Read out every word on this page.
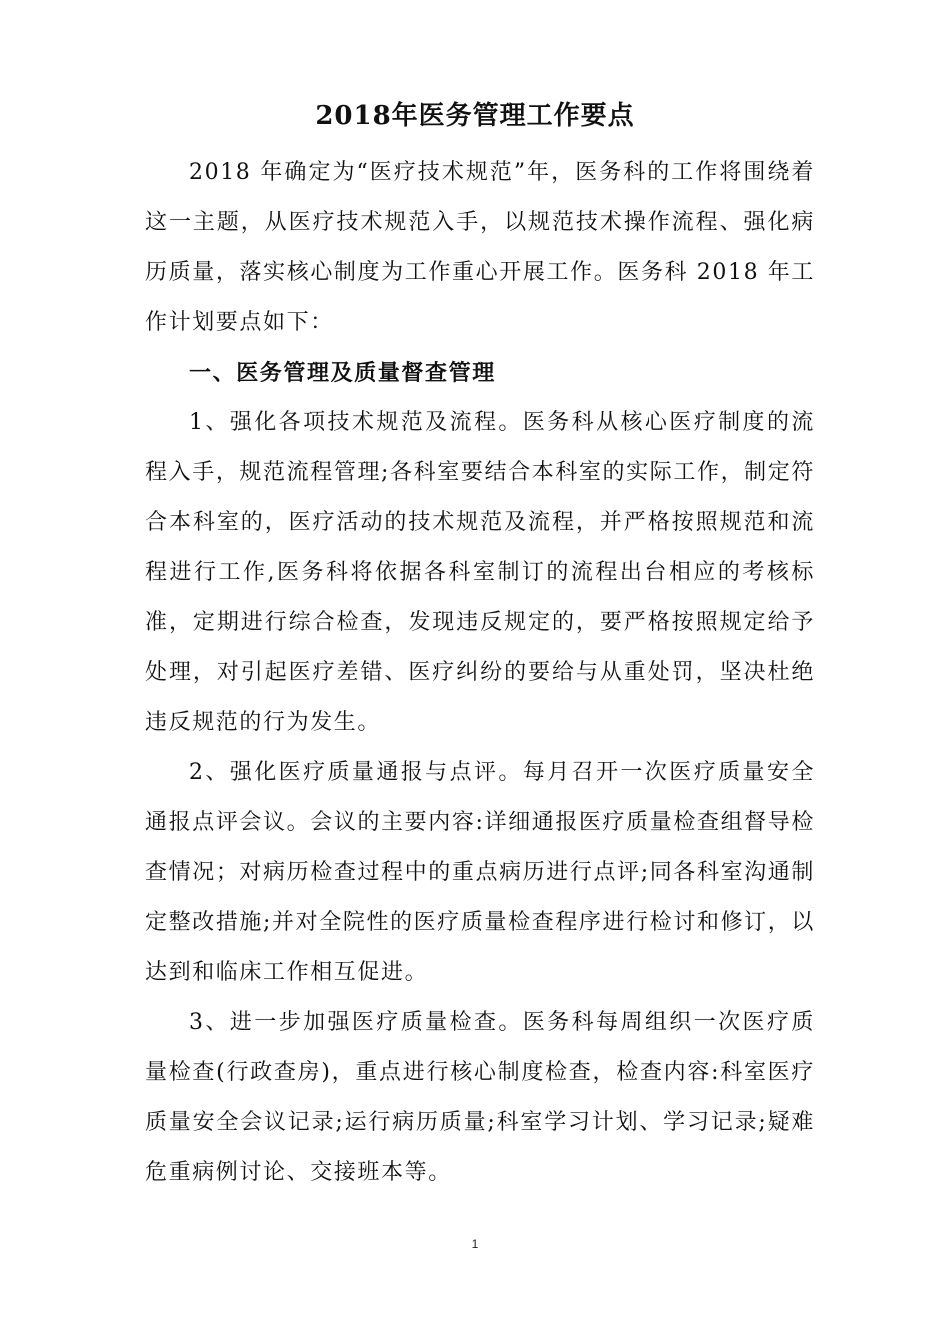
2018年医务管理工作要点

2018 年确定为“医疗技术规范”年，医务科的工作将围绕着这一主题，从医疗技术规范入手，以规范技术操作流程、强化病历质量，落实核心制度为工作重心开展工作。医务科 2018 年工作计划要点如下：

一、医务管理及质量督查管理

1、强化各项技术规范及流程。医务科从核心医疗制度的流程入手，规范流程管理;各科室要结合本科室的实际工作，制定符合本科室的，医疗活动的技术规范及流程，并严格按照规范和流程进行工作,医务科将依据各科室制订的流程出台相应的考核标准，定期进行综合检查，发现违反规定的，要严格按照规定给予处理，对引起医疗差错、医疗纠纷的要给与从重处罚，坚决杜绝违反规范的行为发生。

2、强化医疗质量通报与点评。每月召开一次医疗质量安全通报点评会议。会议的主要内容:详细通报医疗质量检查组督导检查情况；对病历检查过程中的重点病历进行点评;同各科室沟通制定整改措施;并对全院性的医疗质量检查程序进行检讨和修订，以达到和临床工作相互促进。

3、进一步加强医疗质量检查。医务科每周组织一次医疗质量检查(行政查房)，重点进行核心制度检查，检查内容:科室医疗质量安全会议记录;运行病历质量;科室学习计划、学习记录;疑难危重病例讨论、交接班本等。

1
